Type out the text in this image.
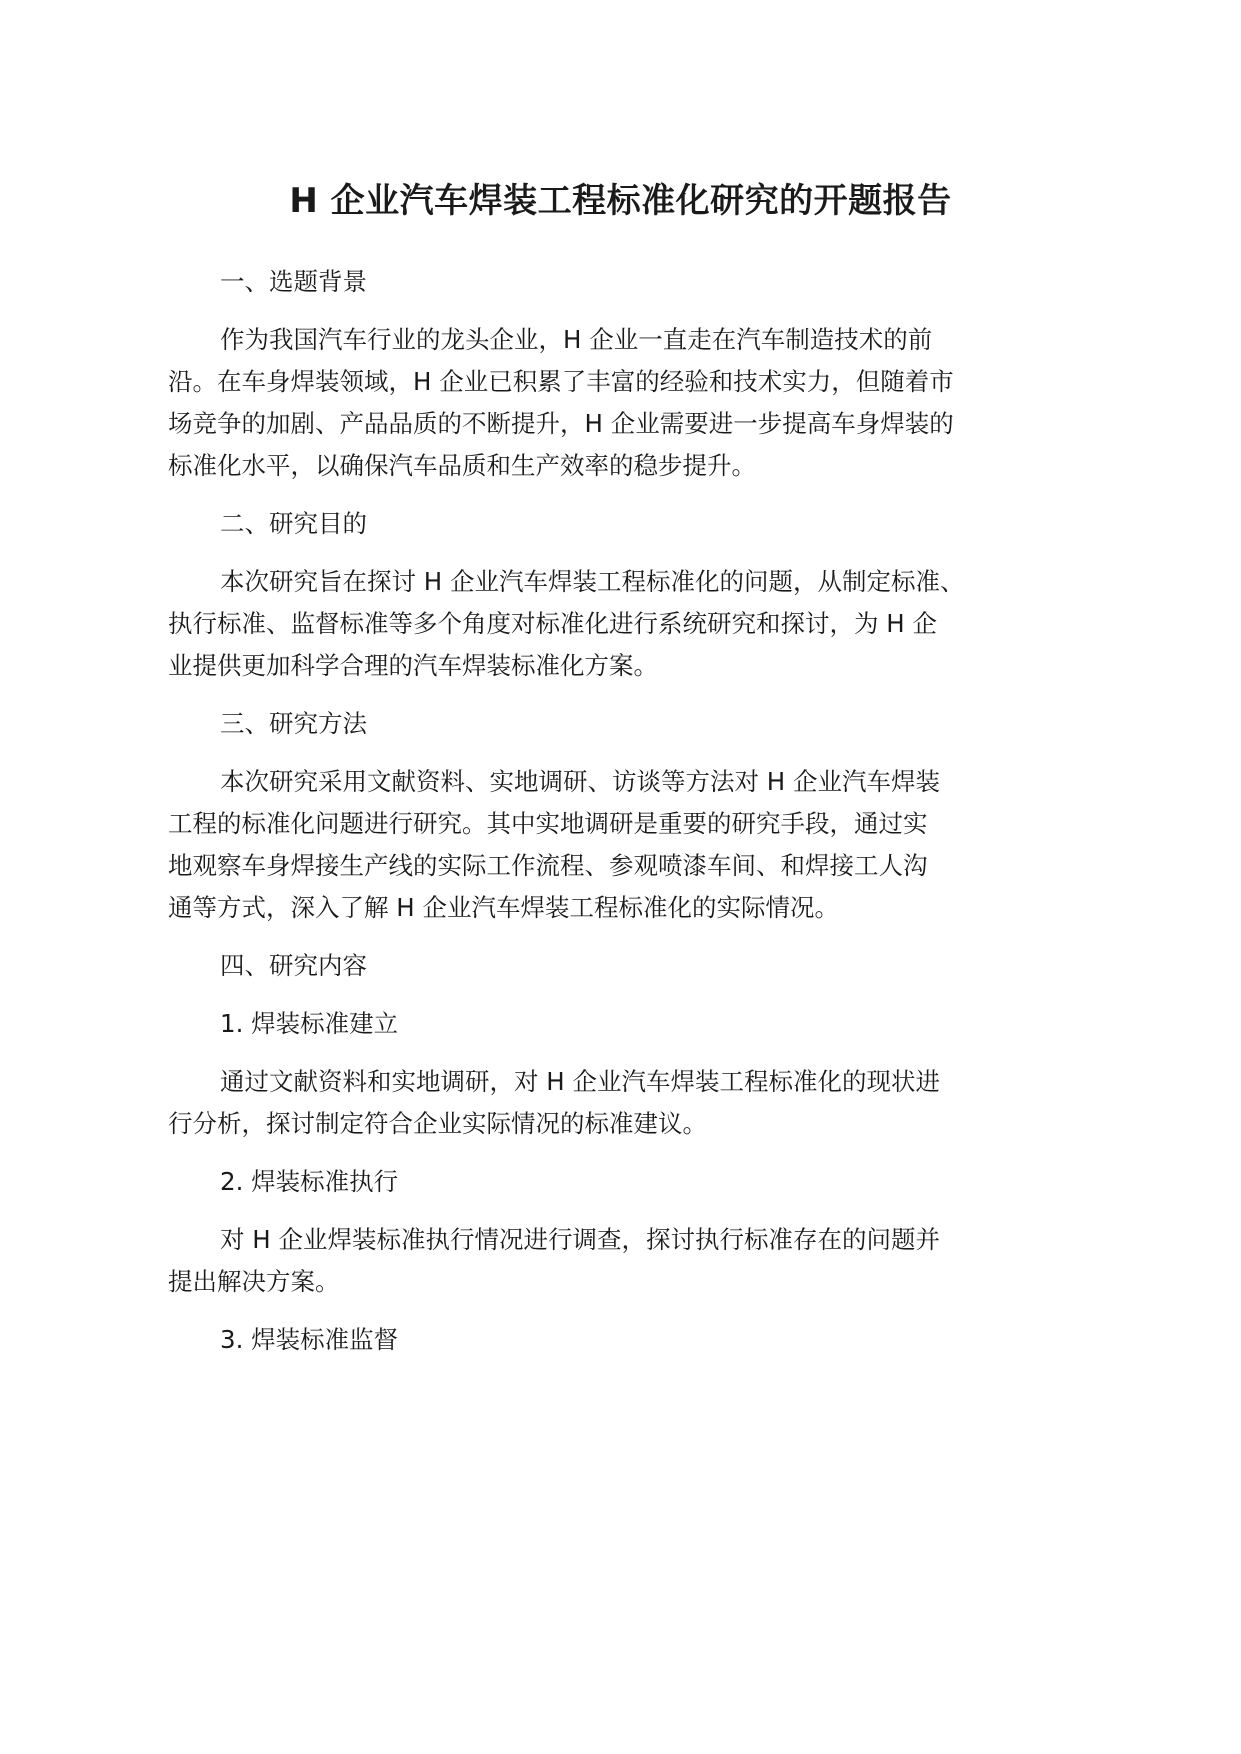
H 企业汽车焊装工程标准化研究的开题报告
一、选题背景
作为我国汽车行业的龙头企业，H 企业一直走在汽车制造技术的前
沿。在车身焊装领域，H 企业已积累了丰富的经验和技术实力，但随着市
场竞争的加剧、产品品质的不断提升，H 企业需要进一步提高车身焊装的
标准化水平，以确保汽车品质和生产效率的稳步提升。
二、研究目的
本次研究旨在探讨 H 企业汽车焊装工程标准化的问题，从制定标准、
执行标准、监督标准等多个角度对标准化进行系统研究和探讨，为 H 企
业提供更加科学合理的汽车焊装标准化方案。
三、研究方法
本次研究采用文献资料、实地调研、访谈等方法对 H 企业汽车焊装
工程的标准化问题进行研究。其中实地调研是重要的研究手段，通过实
地观察车身焊接生产线的实际工作流程、参观喷漆车间、和焊接工人沟
通等方式，深入了解 H 企业汽车焊装工程标准化的实际情况。
四、研究内容
1. 焊装标准建立
通过文献资料和实地调研，对 H 企业汽车焊装工程标准化的现状进
行分析，探讨制定符合企业实际情况的标准建议。
2. 焊装标准执行
对 H 企业焊装标准执行情况进行调查，探讨执行标准存在的问题并
提出解决方案。
3. 焊装标准监督
